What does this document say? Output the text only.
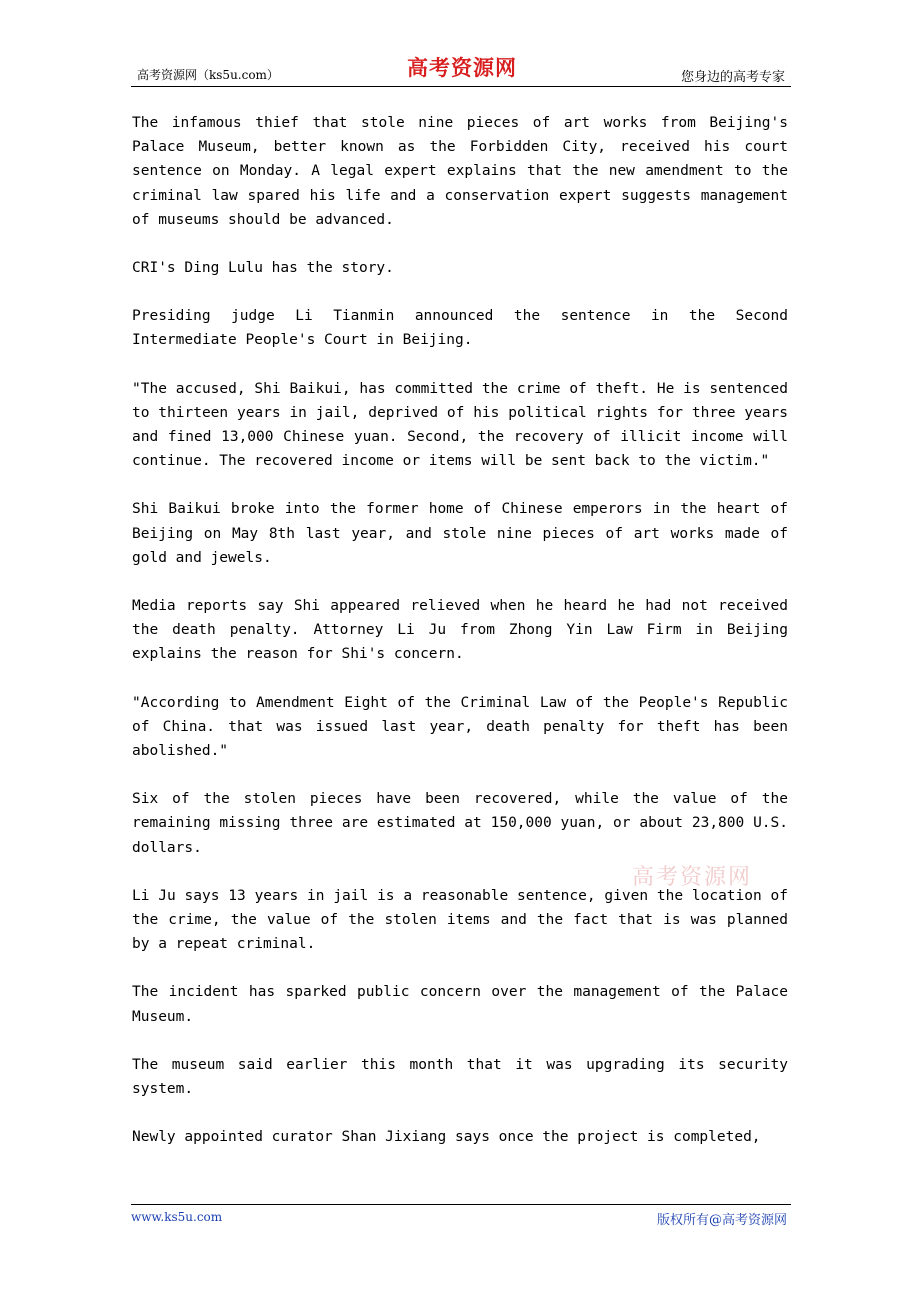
高考资源网（ks5u.com）	高考资源网	您身边的高考专家

The infamous thief that stole nine pieces of art works from Beijing's Palace Museum, better known as the Forbidden City, received his court sentence on Monday. A legal expert explains that the new amendment to the criminal law spared his life and a conservation expert suggests management of museums should be advanced.

CRI's Ding Lulu has the story.

Presiding judge Li Tianmin announced the sentence in the Second Intermediate People's Court in Beijing.

"The accused, Shi Baikui, has committed the crime of theft. He is sentenced to thirteen years in jail, deprived of his political rights for three years and fined 13,000 Chinese yuan. Second, the recovery of illicit income will continue. The recovered income or items will be sent back to the victim."

Shi Baikui broke into the former home of Chinese emperors in the heart of Beijing on May 8th last year, and stole nine pieces of art works made of gold and jewels.

Media reports say Shi appeared relieved when he heard he had not received the death penalty. Attorney Li Ju from Zhong Yin Law Firm in Beijing explains the reason for Shi's concern.

"According to Amendment Eight of the Criminal Law of the People's Republic of China. that was issued last year, death penalty for theft has been abolished."

Six of the stolen pieces have been recovered, while the value of the remaining missing three are estimated at 150,000 yuan, or about 23,800 U.S. dollars.

Li Ju says 13 years in jail is a reasonable sentence, given the location of the crime, the value of the stolen items and the fact that is was planned by a repeat criminal.

The incident has sparked public concern over the management of the Palace Museum.

The museum said earlier this month that it was upgrading its security system.

Newly appointed curator Shan Jixiang says once the project is completed,

高考资源网
www.ks5u.com	版权所有@高考资源网
